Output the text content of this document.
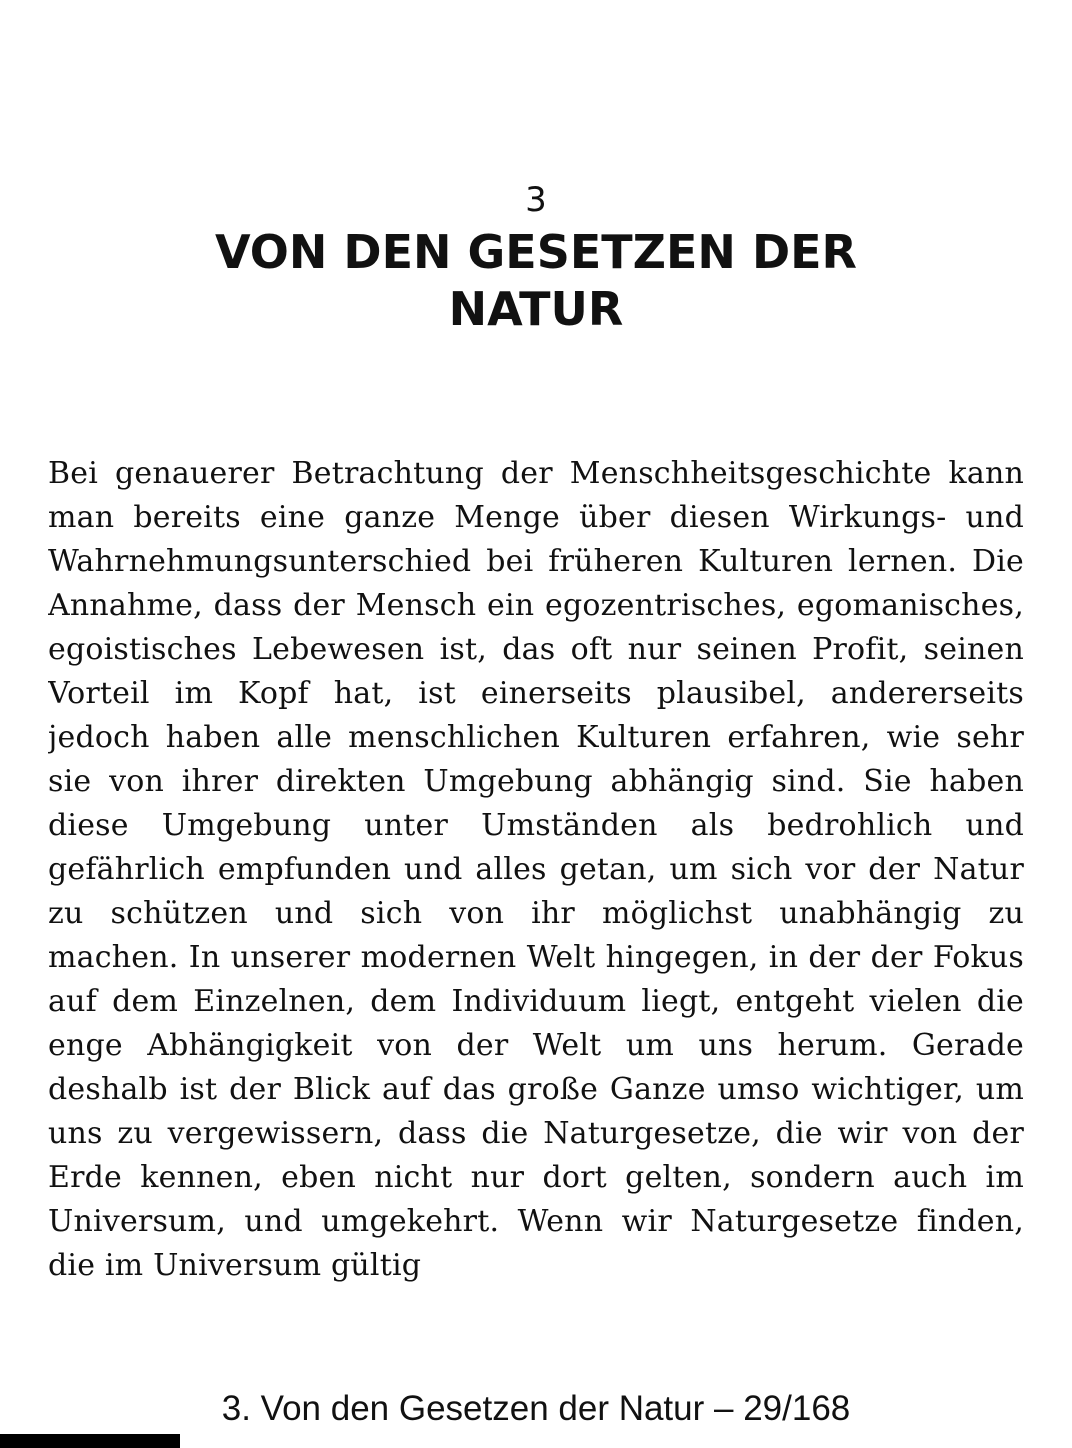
3
VON DEN GESETZEN DER NATUR

Bei genauerer Betrachtung der Menschheitsgeschichte kann man bereits eine ganze Menge über diesen Wirkungs- und Wahrnehmungsunterschied bei früheren Kulturen lernen. Die Annahme, dass der Mensch ein egozentrisches, egomanisches, egoistisches Lebewesen ist, das oft nur seinen Profit, seinen Vorteil im Kopf hat, ist einerseits plausibel, andererseits jedoch haben alle menschlichen Kulturen erfahren, wie sehr sie von ihrer direkten Umgebung abhängig sind. Sie haben diese Umgebung unter Umständen als bedrohlich und gefährlich empfunden und alles getan, um sich vor der Natur zu schützen und sich von ihr möglichst unabhängig zu machen. In unserer modernen Welt hingegen, in der der Fokus auf dem Einzelnen, dem Individuum liegt, entgeht vielen die enge Abhängigkeit von der Welt um uns herum. Gerade deshalb ist der Blick auf das große Ganze umso wichtiger, um uns zu vergewissern, dass die Naturgesetze, die wir von der Erde kennen, eben nicht nur dort gelten, sondern auch im Universum, und umgekehrt. Wenn wir Naturgesetze finden, die im Universum gültig

3. Von den Gesetzen der Natur – 29/168
